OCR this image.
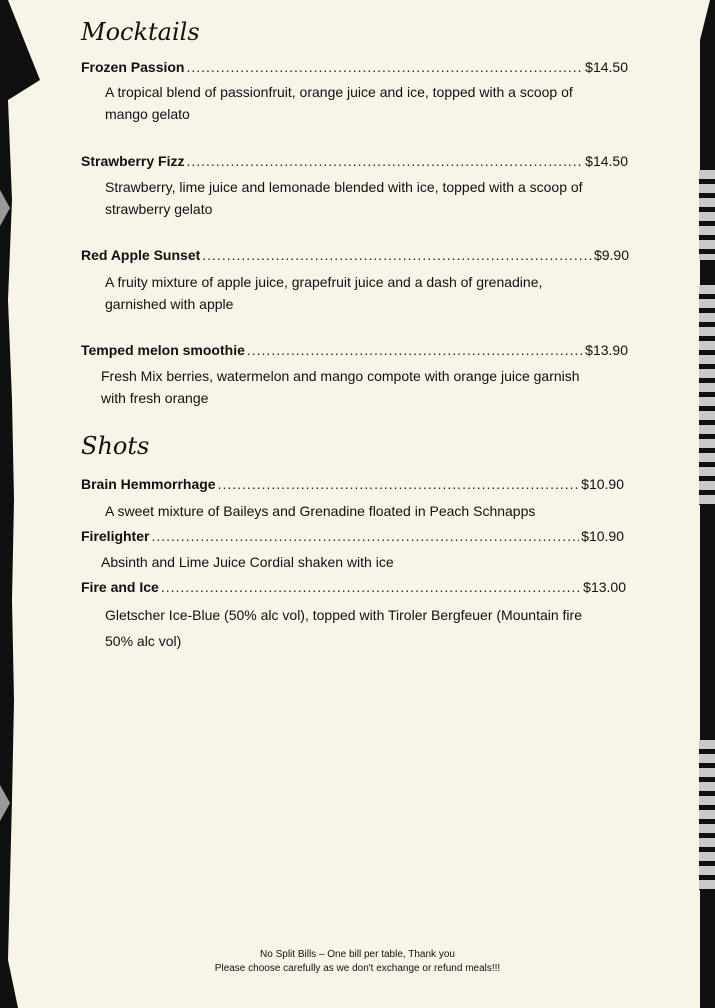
Mocktails
Frozen Passion .....	$14.50
A tropical blend of passionfruit, orange juice and ice, topped with a scoop of mango gelato
Strawberry Fizz .....	$14.50
Strawberry, lime juice and lemonade blended with ice, topped with a scoop of strawberry gelato
Red Apple Sunset .....	$9.90
A fruity mixture of apple juice, grapefruit juice and a dash of grenadine, garnished with apple
Temped melon smoothie .....	$13.90
Fresh Mix berries, watermelon and mango compote with orange juice garnish with fresh orange
Shots
Brain Hemmorrhage .....	$10.90
A sweet mixture of Baileys and Grenadine floated in Peach Schnapps
Firelighter .....	$10.90
Absinth and Lime Juice Cordial shaken with ice
Fire and Ice .....	$13.00
Gletscher Ice-Blue (50% alc vol), topped with Tiroler Bergfeuer (Mountain fire 50% alc vol)
No Split Bills – One bill per table, Thank you
Please choose carefully as we don't exchange or refund meals!!!
